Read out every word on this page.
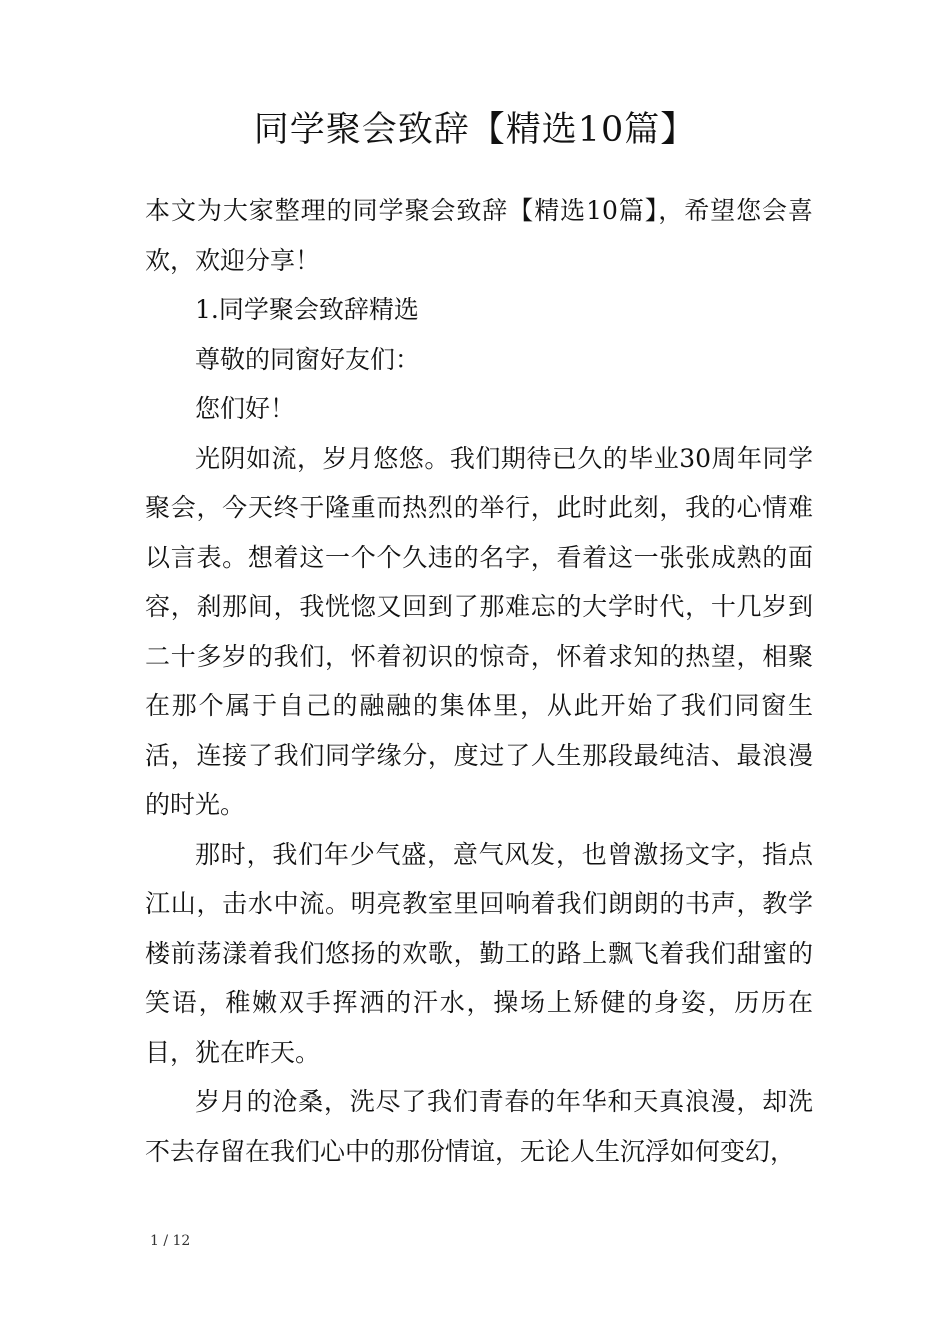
同学聚会致辞【精选10篇】

本文为大家整理的同学聚会致辞【精选10篇】，希望您会喜欢，欢迎分享！

1.同学聚会致辞精选

尊敬的同窗好友们：

您们好！

光阴如流，岁月悠悠。我们期待已久的毕业30周年同学聚会，今天终于隆重而热烈的举行，此时此刻，我的心情难以言表。想着这一个个久违的名字，看着这一张张成熟的面容，刹那间，我恍惚又回到了那难忘的大学时代，十几岁到二十多岁的我们，怀着初识的惊奇，怀着求知的热望，相聚在那个属于自己的融融的集体里，从此开始了我们同窗生活，连接了我们同学缘分，度过了人生那段最纯洁、最浪漫的时光。

那时，我们年少气盛，意气风发，也曾激扬文字，指点江山，击水中流。明亮教室里回响着我们朗朗的书声，教学楼前荡漾着我们悠扬的欢歌，勤工的路上飘飞着我们甜蜜的笑语，稚嫩双手挥洒的汗水，操场上矫健的身姿，历历在目，犹在昨天。

岁月的沧桑，洗尽了我们青春的年华和天真浪漫，却洗不去存留在我们心中的那份情谊，无论人生沉浮如何变幻，

1 / 12
